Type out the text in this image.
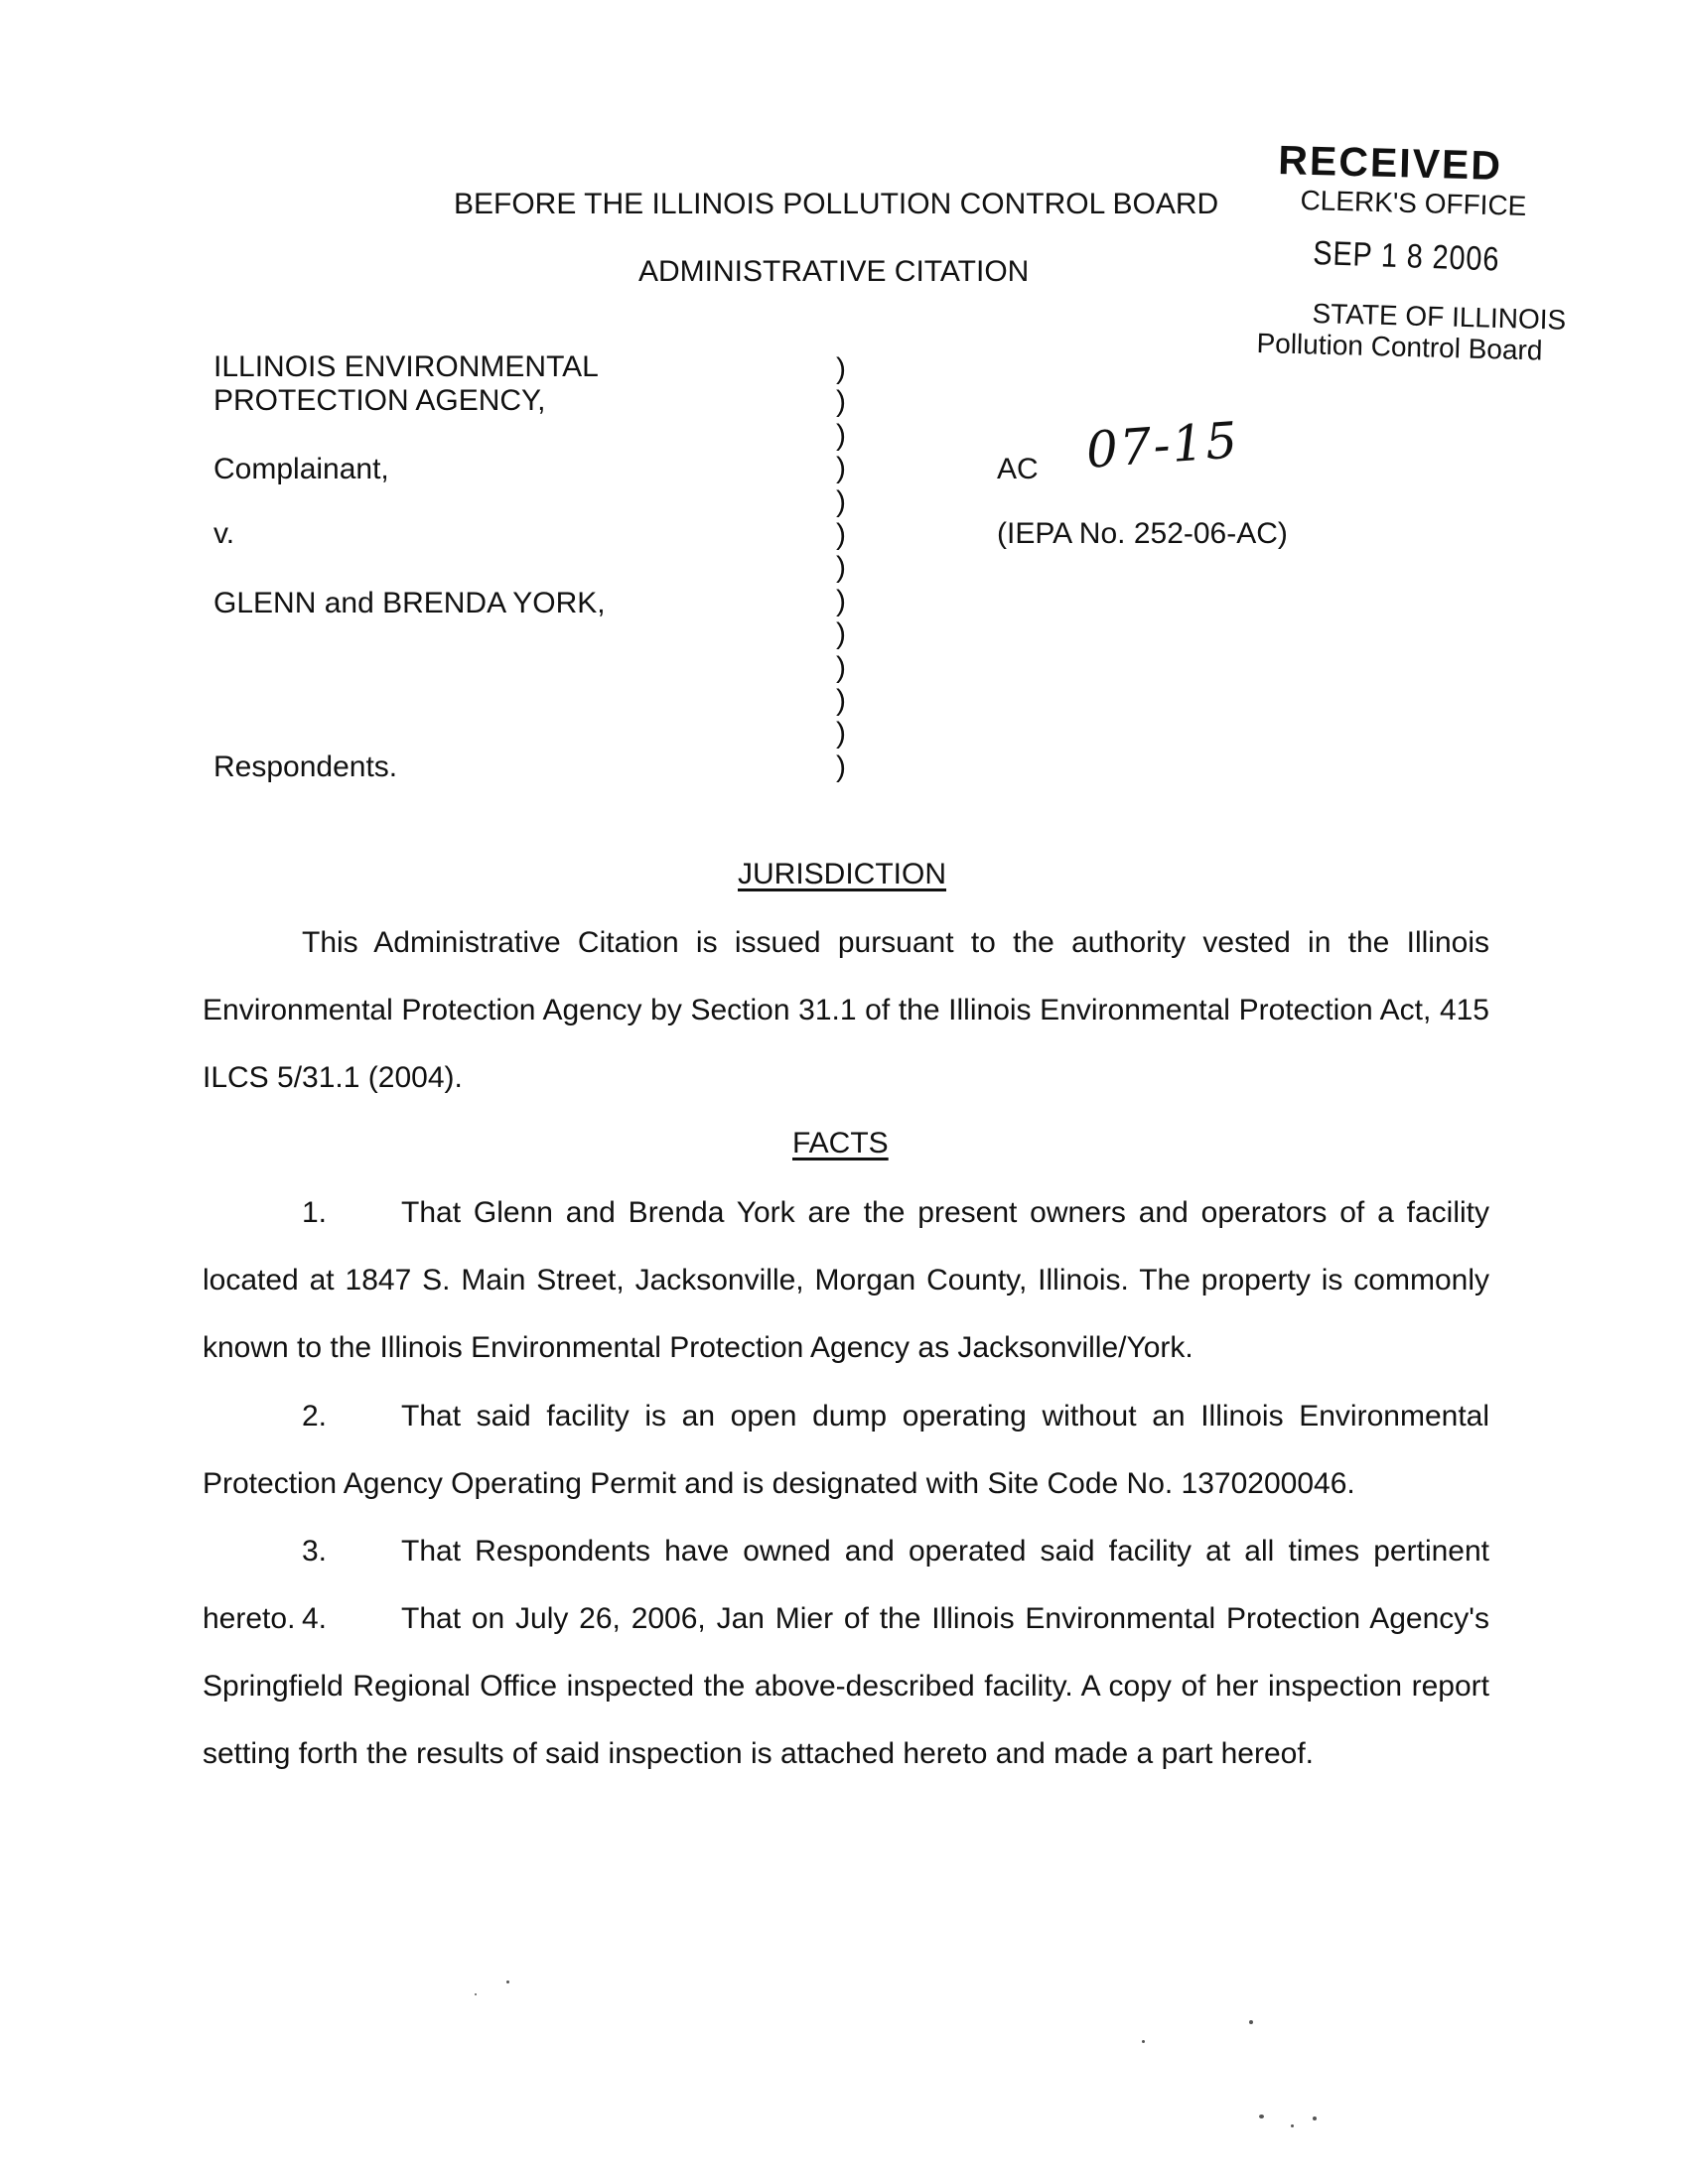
RECEIVED
CLERK'S OFFICE
SEP 1 8 2006
STATE OF ILLINOIS
Pollution Control Board
BEFORE THE ILLINOIS POLLUTION CONTROL BOARD
ADMINISTRATIVE CITATION
ILLINOIS ENVIRONMENTAL
PROTECTION AGENCY,
Complainant,
v.
GLENN and BRENDA YORK,
Respondents.
)
)
)
)
)
)
)
)
)
)
)
)
)
AC 07-15
(IEPA No. 252-06-AC)
JURISDICTION
This Administrative Citation is issued pursuant to the authority vested in the Illinois Environmental Protection Agency by Section 31.1 of the Illinois Environmental Protection Act, 415 ILCS 5/31.1 (2004).
FACTS
1. That Glenn and Brenda York are the present owners and operators of a facility located at 1847 S. Main Street, Jacksonville, Morgan County, Illinois. The property is commonly known to the Illinois Environmental Protection Agency as Jacksonville/York.
2. That said facility is an open dump operating without an Illinois Environmental Protection Agency Operating Permit and is designated with Site Code No. 1370200046.
3. That Respondents have owned and operated said facility at all times pertinent hereto. 4. That on July 26, 2006, Jan Mier of the Illinois Environmental Protection Agency's Springfield Regional Office inspected the above-described facility. A copy of her inspection report setting forth the results of said inspection is attached hereto and made a part hereof.
